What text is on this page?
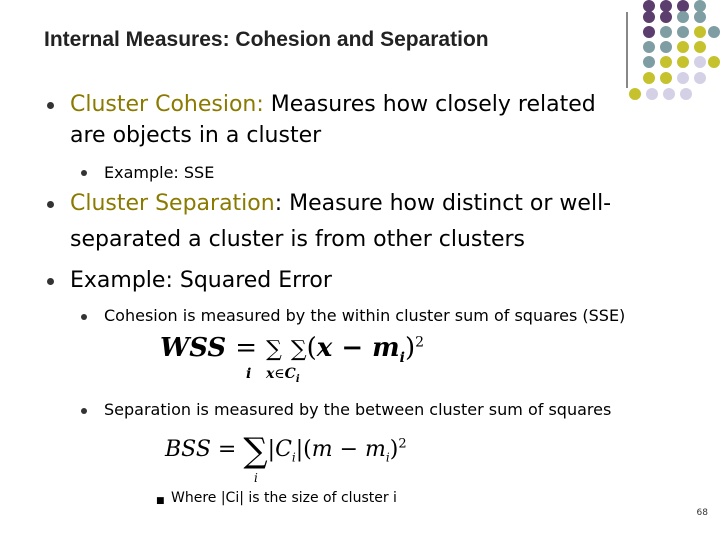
Internal Measures: Cohesion and Separation
Cluster Cohesion: Measures how closely related
are objects in a cluster
Example: SSE
Cluster Separation: Measure how distinct or well-
separated a cluster is from other clusters
Example: Squared Error
Cohesion is measured by the within cluster sum of squares (SSE)
WSS = ∑ $\sum(x - m_i)^2$
i   $x\in C_i$
Separation is measured by the between cluster sum of squares
BSS = $\sum|C_i|(m - m_i)^2$
i
■ Where |Ci| is the size of cluster i
68
